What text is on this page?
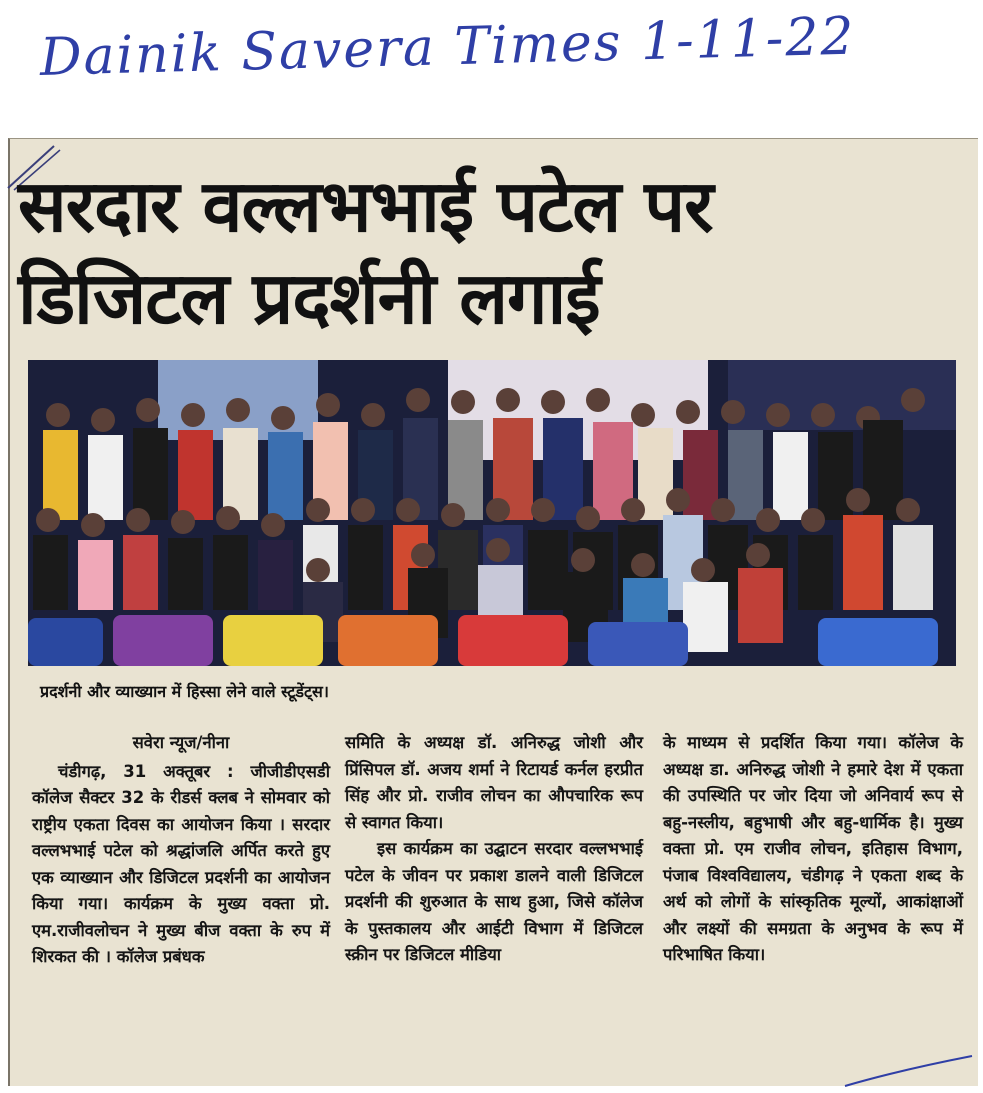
Dainik Savera Times 1-11-22
सरदार वल्लभभाई पटेल पर
डिजिटल प्रदर्शनी लगाई
प्रदर्शनी और व्याख्यान में हिस्सा लेने वाले स्टूडेंट्स।
सवेरा न्यूज/नीना

चंडीगढ़, 31 अक्तूबर : जीजीडीएसडी कॉलेज सैक्टर 32 के रीडर्स क्लब ने सोमवार को राष्ट्रीय एकता दिवस का आयोजन किया । सरदार वल्लभभाई पटेल को श्रद्धांजलि अर्पित करते हुए एक व्याख्यान और डिजिटल प्रदर्शनी का आयोजन किया गया। कार्यक्रम के मुख्य वक्ता प्रो. एम.राजीवलोचन ने मुख्य बीज वक्ता के रुप में शिरकत की । कॉलेज प्रबंधक

समिति के अध्यक्ष डॉ. अनिरुद्ध जोशी और प्रिंसिपल डॉ. अजय शर्मा ने रिटायर्ड कर्नल हरप्रीत सिंह और प्रो. राजीव लोचन का औपचारिक रूप से स्वागत किया।

इस कार्यक्रम का उद्घाटन सरदार वल्लभभाई पटेल के जीवन पर प्रकाश डालने वाली डिजिटल प्रदर्शनी की शुरुआत के साथ हुआ, जिसे कॉलेज के पुस्तकालय और आईटी विभाग में डिजिटल स्क्रीन पर डिजिटल मीडिया

के माध्यम से प्रदर्शित किया गया। कॉलेज के अध्यक्ष डा. अनिरुद्ध जोशी ने हमारे देश में एकता की उपस्थिति पर जोर दिया जो अनिवार्य रूप से बहु-नस्लीय, बहुभाषी और बहु-धार्मिक है। मुख्य वक्ता प्रो. एम राजीव लोचन, इतिहास विभाग, पंजाब विश्वविद्यालय, चंडीगढ़ ने एकता शब्द के अर्थ को लोगों के सांस्कृतिक मूल्यों, आकांक्षाओं और लक्ष्यों की समग्रता के अनुभव के रूप में परिभाषित किया।
